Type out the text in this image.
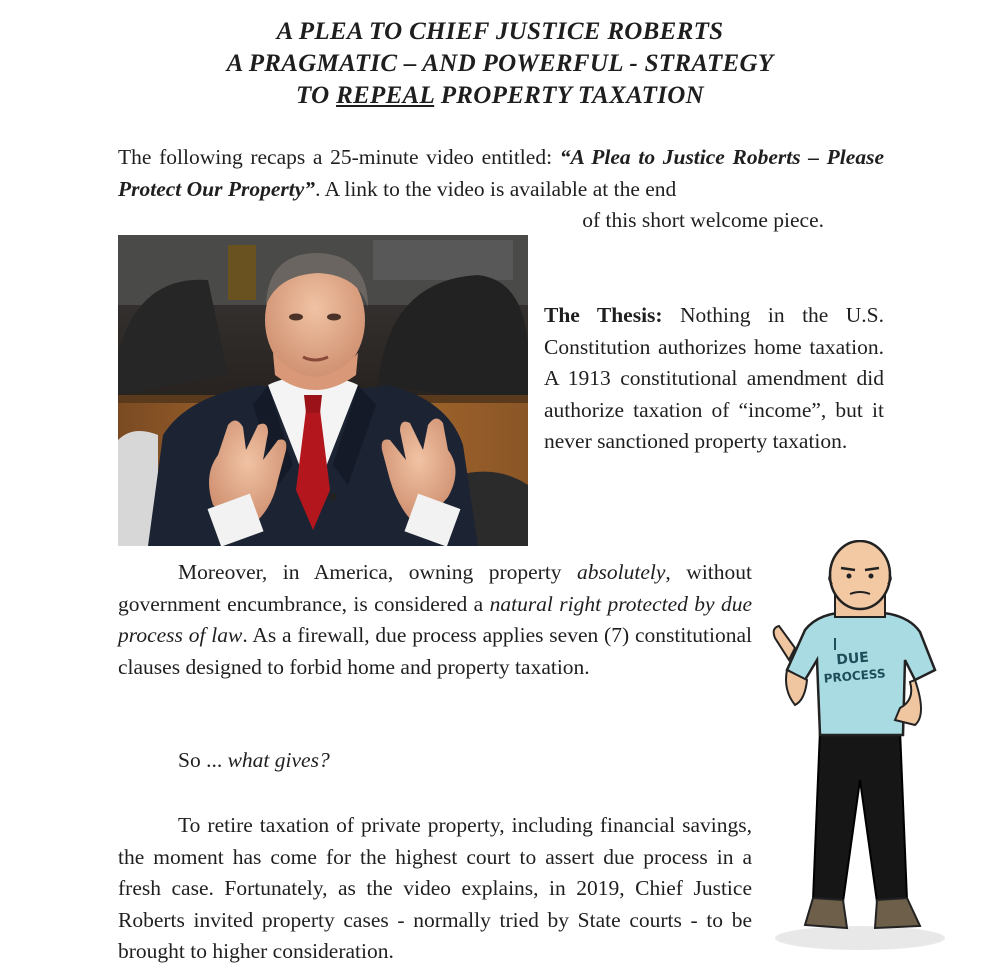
A PLEA TO CHIEF JUSTICE ROBERTS
A PRAGMATIC – AND POWERFUL - STRATEGY
TO REPEAL PROPERTY TAXATION
The following recaps a 25-minute video entitled: “A Plea to Justice Roberts – Please Protect Our Property”. A link to the video is available at the end
of this short welcome piece.
The Thesis: Nothing in the U.S. Constitution authorizes home taxation. A 1913 constitutional amendment did authorize taxation of “income”, but it never sanctioned property taxation.
Moreover, in America, owning property absolutely, without government encumbrance, is considered a natural right protected by due process of law. As a firewall, due process applies seven (7) constitutional clauses designed to forbid home and property taxation.
So ... what gives?
To retire taxation of private property, including financial savings, the moment has come for the highest court to assert due process in a fresh case. Fortunately, as the video explains, in 2019, Chief Justice Roberts invited property cases - normally tried by State courts - to be brought to higher consideration.
DUE
PROCESS
